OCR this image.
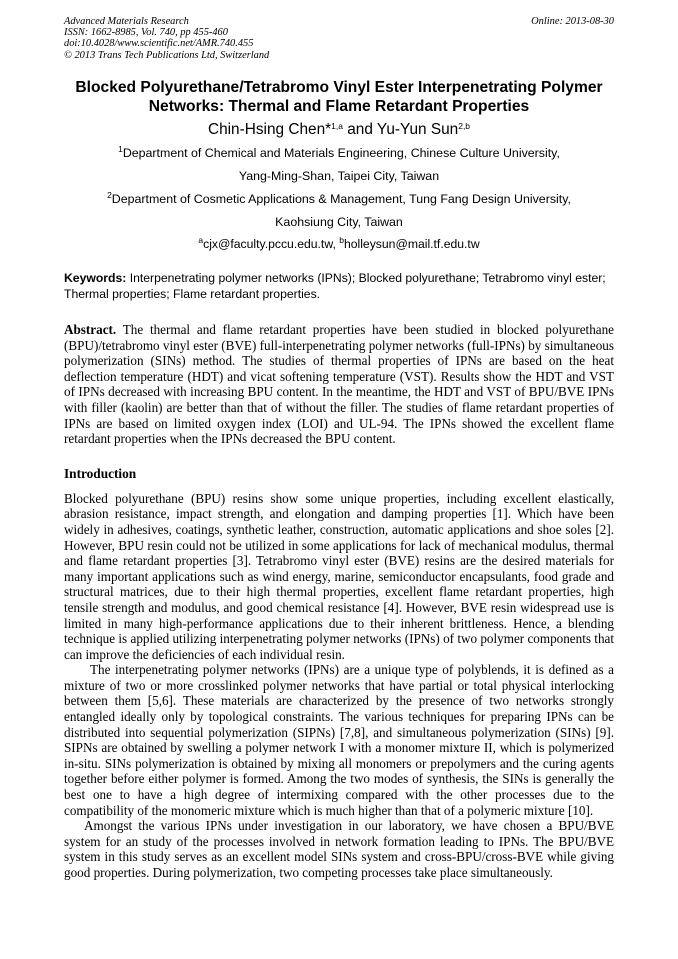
Advanced Materials Research
ISSN: 1662-8985, Vol. 740, pp 455-460
doi:10.4028/www.scientific.net/AMR.740.455
© 2013 Trans Tech Publications Ltd, Switzerland
Online: 2013-08-30
Blocked Polyurethane/Tetrabromo Vinyl Ester Interpenetrating Polymer Networks: Thermal and Flame Retardant Properties
Chin-Hsing Chen*$^{1,a}$ and Yu-Yun Sun$^{2,b}$
$^1$Department of Chemical and Materials Engineering, Chinese Culture University,
Yang-Ming-Shan, Taipei City, Taiwan
$^2$Department of Cosmetic Applications & Management, Tung Fang Design University,
Kaohsiung City, Taiwan
$^a$cjx@faculty.pccu.edu.tw, $^b$holleysun@mail.tf.edu.tw
Keywords: Interpenetrating polymer networks (IPNs); Blocked polyurethane; Tetrabromo vinyl ester; Thermal properties; Flame retardant properties.

Abstract. The thermal and flame retardant properties have been studied in blocked polyurethane (BPU)/tetrabromo vinyl ester (BVE) full-interpenetrating polymer networks (full-IPNs) by simultaneous polymerization (SINs) method. The studies of thermal properties of IPNs are based on the heat deflection temperature (HDT) and vicat softening temperature (VST). Results show the HDT and VST of IPNs decreased with increasing BPU content. In the meantime, the HDT and VST of BPU/BVE IPNs with filler (kaolin) are better than that of without the filler. The studies of flame retardant properties of IPNs are based on limited oxygen index (LOI) and UL-94. The IPNs showed the excellent flame retardant properties when the IPNs decreased the BPU content.

Introduction

Blocked polyurethane (BPU) resins show some unique properties, including excellent elastically, abrasion resistance, impact strength, and elongation and damping properties [1]. Which have been widely in adhesives, coatings, synthetic leather, construction, automatic applications and shoe soles [2]. However, BPU resin could not be utilized in some applications for lack of mechanical modulus, thermal and flame retardant properties [3]. Tetrabromo vinyl ester (BVE) resins are the desired materials for many important applications such as wind energy, marine, semiconductor encapsulants, food grade and structural matrices, due to their high thermal properties, excellent flame retardant properties, high tensile strength and modulus, and good chemical resistance [4]. However, BVE resin widespread use is limited in many high-performance applications due to their inherent brittleness. Hence, a blending technique is applied utilizing interpenetrating polymer networks (IPNs) of two polymer components that can improve the deficiencies of each individual resin.

The interpenetrating polymer networks (IPNs) are a unique type of polyblends, it is defined as a mixture of two or more crosslinked polymer networks that have partial or total physical interlocking between them [5,6]. These materials are characterized by the presence of two networks strongly entangled ideally only by topological constraints. The various techniques for preparing IPNs can be distributed into sequential polymerization (SIPNs) [7,8], and simultaneous polymerization (SINs) [9]. SIPNs are obtained by swelling a polymer network I with a monomer mixture II, which is polymerized in-situ. SINs polymerization is obtained by mixing all monomers or prepolymers and the curing agents together before either polymer is formed. Among the two modes of synthesis, the SINs is generally the best one to have a high degree of intermixing compared with the other processes due to the compatibility of the monomeric mixture which is much higher than that of a polymeric mixture [10].

Amongst the various IPNs under investigation in our laboratory, we have chosen a BPU/BVE system for an study of the processes involved in network formation leading to IPNs. The BPU/BVE system in this study serves as an excellent model SINs system and cross-BPU/cross-BVE while giving good properties. During polymerization, two competing processes take place simultaneously.
